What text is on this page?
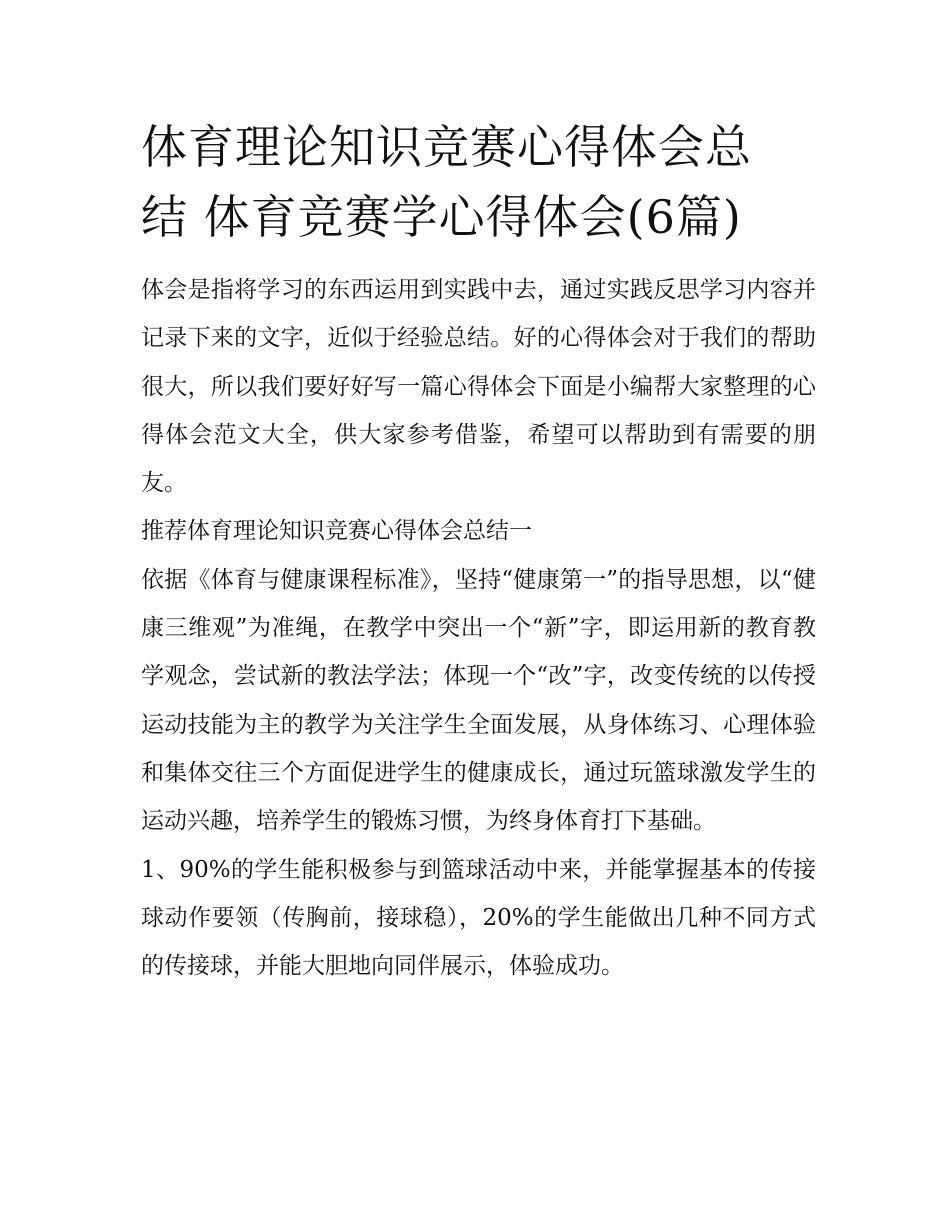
体育理论知识竞赛心得体会总
结 体育竞赛学心得体会(6篇)

体会是指将学习的东西运用到实践中去，通过实践反思学习内容并记录下来的文字，近似于经验总结。好的心得体会对于我们的帮助很大，所以我们要好好写一篇心得体会下面是小编帮大家整理的心得体会范文大全，供大家参考借鉴，希望可以帮助到有需要的朋友。

推荐体育理论知识竞赛心得体会总结一

依据《体育与健康课程标准》，坚持“健康第一”的指导思想，以“健康三维观”为准绳，在教学中突出一个“新”字，即运用新的教育教学观念，尝试新的教法学法；体现一个“改”字，改变传统的以传授运动技能为主的教学为关注学生全面发展，从身体练习、心理体验和集体交往三个方面促进学生的健康成长，通过玩篮球激发学生的运动兴趣，培养学生的锻炼习惯，为终身体育打下基础。

1、90%的学生能积极参与到篮球活动中来，并能掌握基本的传接球动作要领（传胸前，接球稳），20%的学生能做出几种不同方式的传接球，并能大胆地向同伴展示，体验成功。
